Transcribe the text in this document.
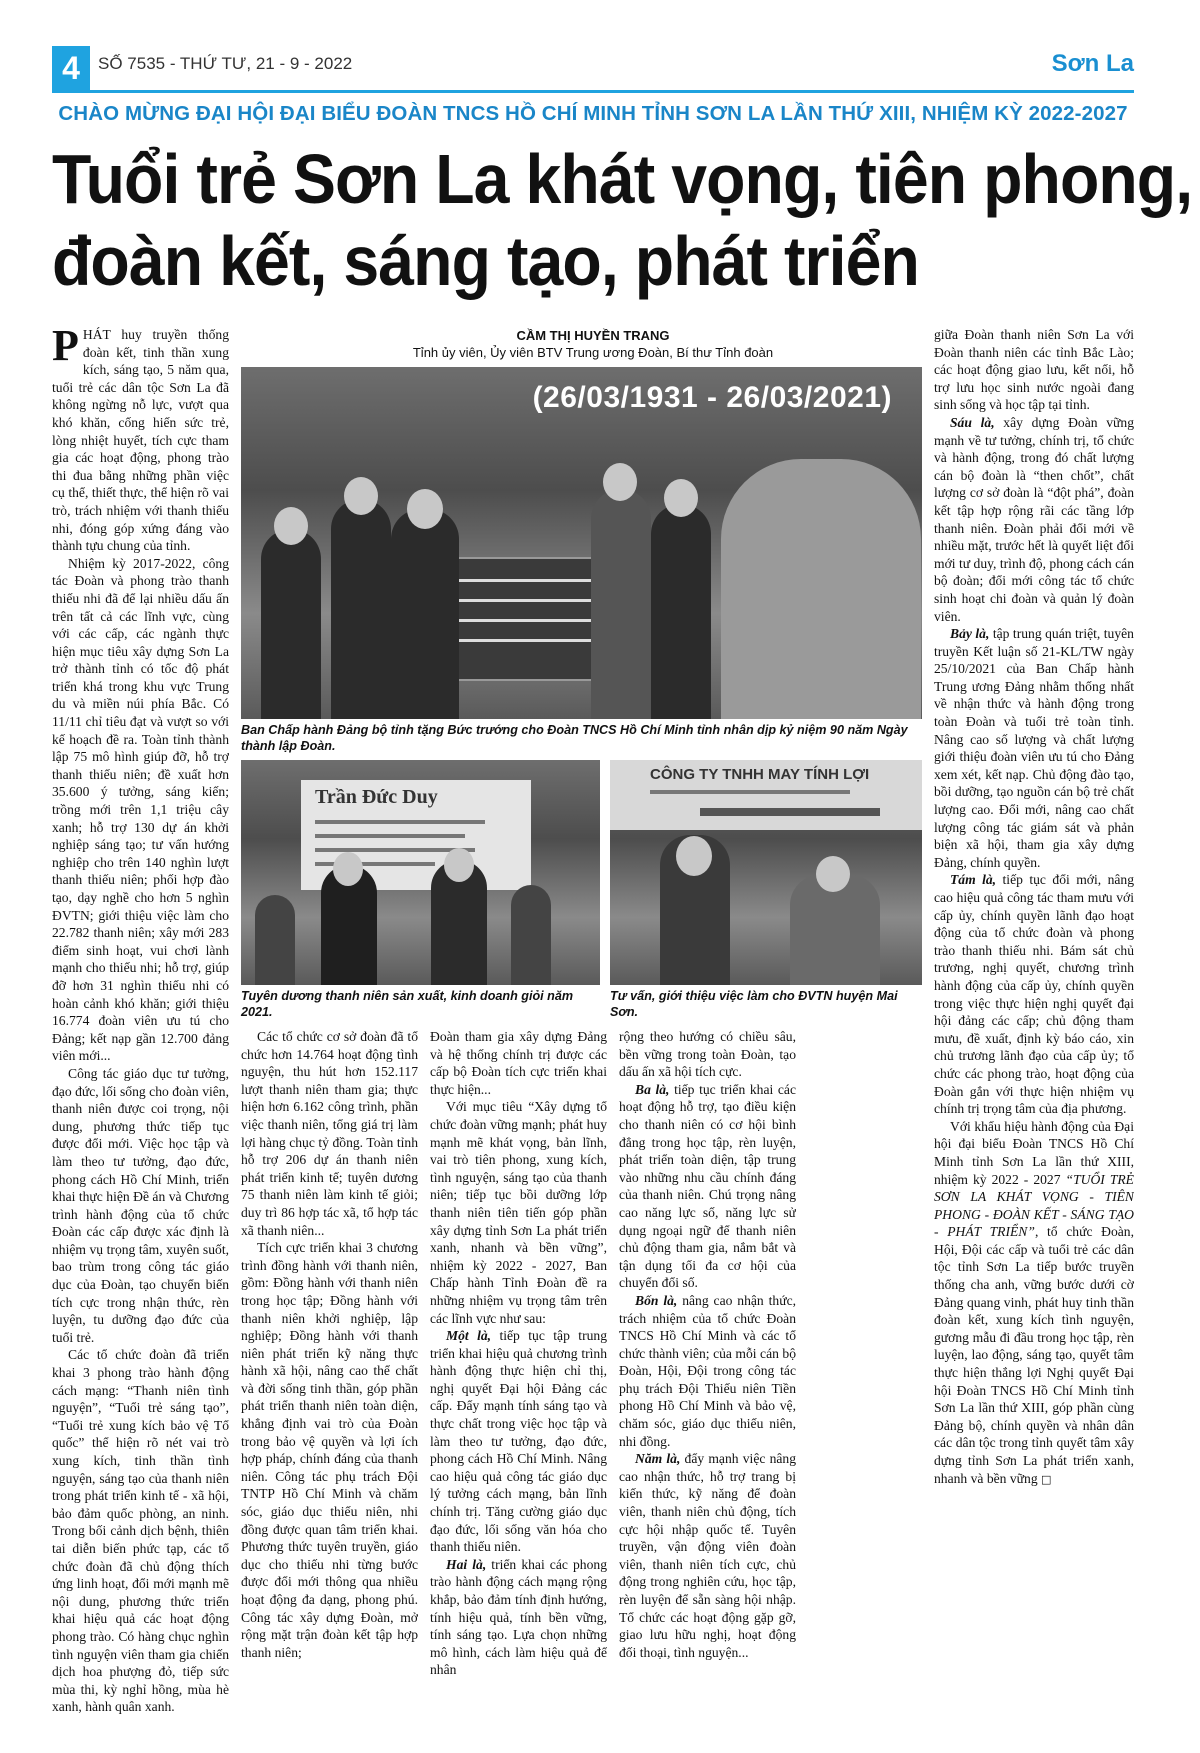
4	SỐ 7535 - THỨ TƯ, 21 - 9 - 2022	Sơn La
CHÀO MỪNG ĐẠI HỘI ĐẠI BIỂU ĐOÀN TNCS HỒ CHÍ MINH TỈNH SƠN LA LẦN THỨ XIII, NHIỆM KỲ 2022-2027
Tuổi trẻ Sơn La khát vọng, tiên phong,
đoàn kết, sáng tạo, phát triển

PHÁT huy truyền thống đoàn kết, tinh thần xung kích, sáng tạo, 5 năm qua, tuổi trẻ các dân tộc Sơn La đã không ngừng nỗ lực, vượt qua khó khăn, cống hiến sức trẻ, lòng nhiệt huyết, tích cực tham gia các hoạt động, phong trào thi đua bằng những phần việc cụ thể, thiết thực, thể hiện rõ vai trò, trách nhiệm với thanh thiếu nhi, đóng góp xứng đáng vào thành tựu chung của tỉnh.

Nhiệm kỳ 2017-2022, công tác Đoàn và phong trào thanh thiếu nhi đã để lại nhiều dấu ấn trên tất cả các lĩnh vực, cùng với các cấp, các ngành thực hiện mục tiêu xây dựng Sơn La trở thành tỉnh có tốc độ phát triển khá trong khu vực Trung du và miền núi phía Bắc. Có 11/11 chỉ tiêu đạt và vượt so với kế hoạch đề ra. Toàn tỉnh thành lập 75 mô hình giúp đỡ, hỗ trợ thanh thiếu niên; đề xuất hơn 35.600 ý tưởng, sáng kiến; trồng mới trên 1,1 triệu cây xanh; hỗ trợ 130 dự án khởi nghiệp sáng tạo; tư vấn hướng nghiệp cho trên 140 nghìn lượt thanh thiếu niên; phối hợp đào tạo, dạy nghề cho hơn 5 nghìn ĐVTN; giới thiệu việc làm cho 22.782 thanh niên; xây mới 283 điểm sinh hoạt, vui chơi lành mạnh cho thiếu nhi; hỗ trợ, giúp đỡ hơn 31 nghìn thiếu nhi có hoàn cảnh khó khăn; giới thiệu 16.774 đoàn viên ưu tú cho Đảng; kết nạp gần 12.700 đảng viên mới...

Công tác giáo dục tư tưởng, đạo đức, lối sống cho đoàn viên, thanh niên được coi trọng, nội dung, phương thức tiếp tục được đổi mới. Việc học tập và làm theo tư tưởng, đạo đức, phong cách Hồ Chí Minh, triển khai thực hiện Đề án và Chương trình hành động của tổ chức Đoàn các cấp được xác định là nhiệm vụ trọng tâm, xuyên suốt, bao trùm trong công tác giáo dục của Đoàn, tạo chuyển biến tích cực trong nhận thức, rèn luyện, tu dưỡng đạo đức của tuổi trẻ.

Các tổ chức đoàn đã triển khai 3 phong trào hành động cách mạng: “Thanh niên tình nguyện”, “Tuổi trẻ sáng tạo”, “Tuổi trẻ xung kích bảo vệ Tổ quốc” thể hiện rõ nét vai trò xung kích, tinh thần tình nguyện, sáng tạo của thanh niên trong phát triển kinh tế - xã hội, bảo đảm quốc phòng, an ninh. Trong bối cảnh dịch bệnh, thiên tai diễn biến phức tạp, các tổ chức đoàn đã chủ động thích ứng linh hoạt, đổi mới mạnh mẽ nội dung, phương thức triển khai hiệu quả các hoạt động phong trào. Có hàng chục nghìn tình nguyện viên tham gia chiến dịch hoa phượng đỏ, tiếp sức mùa thi, kỳ nghỉ hồng, mùa hè xanh, hành quân xanh.

CẦM THỊ HUYỀN TRANG
Tỉnh ủy viên, Ủy viên BTV Trung ương Đoàn, Bí thư Tỉnh đoàn
(26/03/1931 - 26/03/2021)
Ban Chấp hành Đảng bộ tỉnh tặng Bức trướng cho Đoàn TNCS Hồ Chí Minh tỉnh nhân dịp kỷ niệm 90 năm Ngày thành lập Đoàn.
Trần Đức Duy
Tuyên dương thanh niên sản xuất, kinh doanh giỏi năm 2021.
CÔNG TY TNHH MAY TÍNH LỢI
Tư vấn, giới thiệu việc làm cho ĐVTN huyện Mai Sơn.

Các tổ chức cơ sở đoàn đã tổ chức hơn 14.764 hoạt động tình nguyện, thu hút hơn 152.117 lượt thanh niên tham gia; thực hiện hơn 6.162 công trình, phần việc thanh niên, tổng giá trị làm lợi hàng chục tỷ đồng. Toàn tỉnh hỗ trợ 206 dự án thanh niên phát triển kinh tế; tuyên dương 75 thanh niên làm kinh tế giỏi; duy trì 86 hợp tác xã, tổ hợp tác xã thanh niên...

Tích cực triển khai 3 chương trình đồng hành với thanh niên, gồm: Đồng hành với thanh niên trong học tập; Đồng hành với thanh niên khởi nghiệp, lập nghiệp; Đồng hành với thanh niên phát triển kỹ năng thực hành xã hội, nâng cao thể chất và đời sống tinh thần, góp phần phát triển thanh niên toàn diện, khẳng định vai trò của Đoàn trong bảo vệ quyền và lợi ích hợp pháp, chính đáng của thanh niên. Công tác phụ trách Đội TNTP Hồ Chí Minh và chăm sóc, giáo dục thiếu niên, nhi đồng được quan tâm triển khai. Phương thức tuyên truyền, giáo dục cho thiếu nhi từng bước được đổi mới thông qua nhiều hoạt động đa dạng, phong phú. Công tác xây dựng Đoàn, mở rộng mặt trận đoàn kết tập hợp thanh niên;

Đoàn tham gia xây dựng Đảng và hệ thống chính trị được các cấp bộ Đoàn tích cực triển khai thực hiện...

Với mục tiêu “Xây dựng tổ chức đoàn vững mạnh; phát huy mạnh mẽ khát vọng, bản lĩnh, vai trò tiên phong, xung kích, tình nguyện, sáng tạo của thanh niên; tiếp tục bồi dưỡng lớp thanh niên tiên tiến góp phần xây dựng tỉnh Sơn La phát triển xanh, nhanh và bền vững”, nhiệm kỳ 2022 - 2027, Ban Chấp hành Tỉnh Đoàn đề ra những nhiệm vụ trọng tâm trên các lĩnh vực như sau:

Một là, tiếp tục tập trung triển khai hiệu quả chương trình hành động thực hiện chỉ thị, nghị quyết Đại hội Đảng các cấp. Đẩy mạnh tính sáng tạo và thực chất trong việc học tập và làm theo tư tưởng, đạo đức, phong cách Hồ Chí Minh. Nâng cao hiệu quả công tác giáo dục lý tưởng cách mạng, bản lĩnh chính trị. Tăng cường giáo dục đạo đức, lối sống văn hóa cho thanh thiếu niên.

Hai là, triển khai các phong trào hành động cách mạng rộng khắp, bảo đảm tính định hướng, tính hiệu quả, tính bền vững, tính sáng tạo. Lựa chọn những mô hình, cách làm hiệu quả để nhân

rộng theo hướng có chiều sâu, bền vững trong toàn Đoàn, tạo dấu ấn xã hội tích cực.

Ba là, tiếp tục triển khai các hoạt động hỗ trợ, tạo điều kiện cho thanh niên có cơ hội bình đẳng trong học tập, rèn luyện, phát triển toàn diện, tập trung vào những nhu cầu chính đáng của thanh niên. Chú trọng nâng cao năng lực số, năng lực sử dụng ngoại ngữ để thanh niên chủ động tham gia, nắm bắt và tận dụng tối đa cơ hội của chuyển đổi số.

Bốn là, nâng cao nhận thức, trách nhiệm của tổ chức Đoàn TNCS Hồ Chí Minh và các tổ chức thành viên; của mỗi cán bộ Đoàn, Hội, Đội trong công tác phụ trách Đội Thiếu niên Tiền phong Hồ Chí Minh và bảo vệ, chăm sóc, giáo dục thiếu niên, nhi đồng.

Năm là, đẩy mạnh việc nâng cao nhận thức, hỗ trợ trang bị kiến thức, kỹ năng để đoàn viên, thanh niên chủ động, tích cực hội nhập quốc tế. Tuyên truyền, vận động viên đoàn viên, thanh niên tích cực, chủ động trong nghiên cứu, học tập, rèn luyện để sẵn sàng hội nhập. Tổ chức các hoạt động gặp gỡ, giao lưu hữu nghị, hoạt động đối thoại, tình nguyện...

giữa Đoàn thanh niên Sơn La với Đoàn thanh niên các tỉnh Bắc Lào; các hoạt động giao lưu, kết nối, hỗ trợ lưu học sinh nước ngoài đang sinh sống và học tập tại tỉnh.

Sáu là, xây dựng Đoàn vững mạnh về tư tưởng, chính trị, tổ chức và hành động, trong đó chất lượng cán bộ đoàn là “then chốt”, chất lượng cơ sở đoàn là “đột phá”, đoàn kết tập hợp rộng rãi các tầng lớp thanh niên. Đoàn phải đổi mới về nhiều mặt, trước hết là quyết liệt đổi mới tư duy, trình độ, phong cách cán bộ đoàn; đổi mới công tác tổ chức sinh hoạt chi đoàn và quản lý đoàn viên.

Bảy là, tập trung quán triệt, tuyên truyền Kết luận số 21-KL/TW ngày 25/10/2021 của Ban Chấp hành Trung ương Đảng nhằm thống nhất về nhận thức và hành động trong toàn Đoàn và tuổi trẻ toàn tỉnh. Nâng cao số lượng và chất lượng giới thiệu đoàn viên ưu tú cho Đảng xem xét, kết nạp. Chủ động đào tạo, bồi dưỡng, tạo nguồn cán bộ trẻ chất lượng cao. Đổi mới, nâng cao chất lượng công tác giám sát và phản biện xã hội, tham gia xây dựng Đảng, chính quyền.

Tám là, tiếp tục đổi mới, nâng cao hiệu quả công tác tham mưu với cấp ủy, chính quyền lãnh đạo hoạt động của tổ chức đoàn và phong trào thanh thiếu nhi. Bám sát chủ trương, nghị quyết, chương trình hành động của cấp ủy, chính quyền trong việc thực hiện nghị quyết đại hội đảng các cấp; chủ động tham mưu, đề xuất, định kỳ báo cáo, xin chủ trương lãnh đạo của cấp ủy; tổ chức các phong trào, hoạt động của Đoàn gắn với thực hiện nhiệm vụ chính trị trọng tâm của địa phương.

Với khẩu hiệu hành động của Đại hội đại biểu Đoàn TNCS Hồ Chí Minh tỉnh Sơn La lần thứ XIII, nhiệm kỳ 2022 - 2027 “TUỔI TRẺ SƠN LA KHÁT VỌNG - TIÊN PHONG - ĐOÀN KẾT - SÁNG TẠO - PHÁT TRIỂN”, tổ chức Đoàn, Hội, Đội các cấp và tuổi trẻ các dân tộc tỉnh Sơn La tiếp bước truyền thống cha anh, vững bước dưới cờ Đảng quang vinh, phát huy tinh thần đoàn kết, xung kích tình nguyện, gương mẫu đi đầu trong học tập, rèn luyện, lao động, sáng tạo, quyết tâm thực hiện thắng lợi Nghị quyết Đại hội Đoàn TNCS Hồ Chí Minh tỉnh Sơn La lần thứ XIII, góp phần cùng Đảng bộ, chính quyền và nhân dân các dân tộc trong tỉnh quyết tâm xây dựng tỉnh Sơn La phát triển xanh, nhanh và bền vững □
